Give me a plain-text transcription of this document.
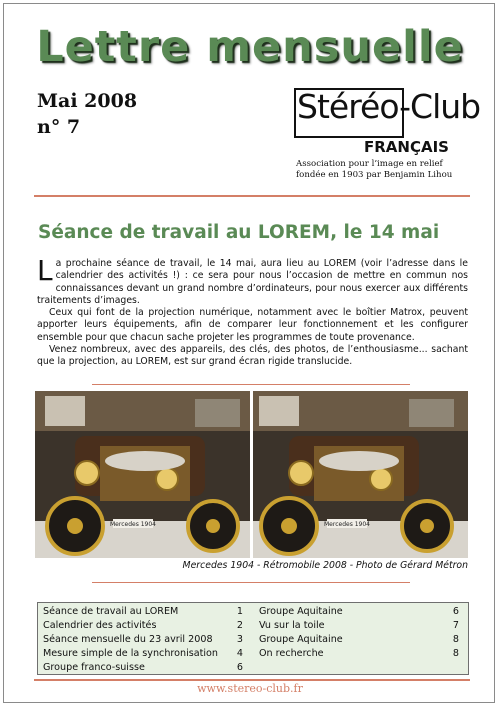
Lettre mensuelle
Mai 2008
n° 7
Stéréo-Club
FRANÇAIS
Association pour l’image en relief
fondée en 1903 par Benjamin Lihou
Séance de travail au LOREM, le 14 mai

La prochaine séance de travail, le 14 mai, aura lieu au LOREM (voir l’adresse dans le calendrier des activités !) : ce sera pour nous l’occasion de mettre en commun nos connaissances devant un grand nombre d’ordinateurs, pour nous exercer aux différents traitements d’images.

Ceux qui font de la projection numérique, notamment avec le boîtier Matrox, peuvent apporter leurs équipements, afin de comparer leur fonctionnement et les configurer ensemble pour que chacun sache projeter les programmes de toute provenance.

Venez nombreux, avec des appareils, des clés, des photos, de l’enthousiasme... sachant que la projection, au LOREM, est sur grand écran rigide translucide.

Mercedes 1904	Mercedes 1904
Mercedes 1904 - Rétromobile 2008 - Photo de Gérard Métron
Séance de travail au LOREM	1
Calendrier des activités	2
Séance mensuelle du 23 avril 2008	3
Mesure simple de la synchronisation 4
Groupe franco-suisse	6
Groupe Aquitaine	6
Vu sur la toile	7
Groupe Aquitaine	8
On recherche	8
www.stereo-club.fr
